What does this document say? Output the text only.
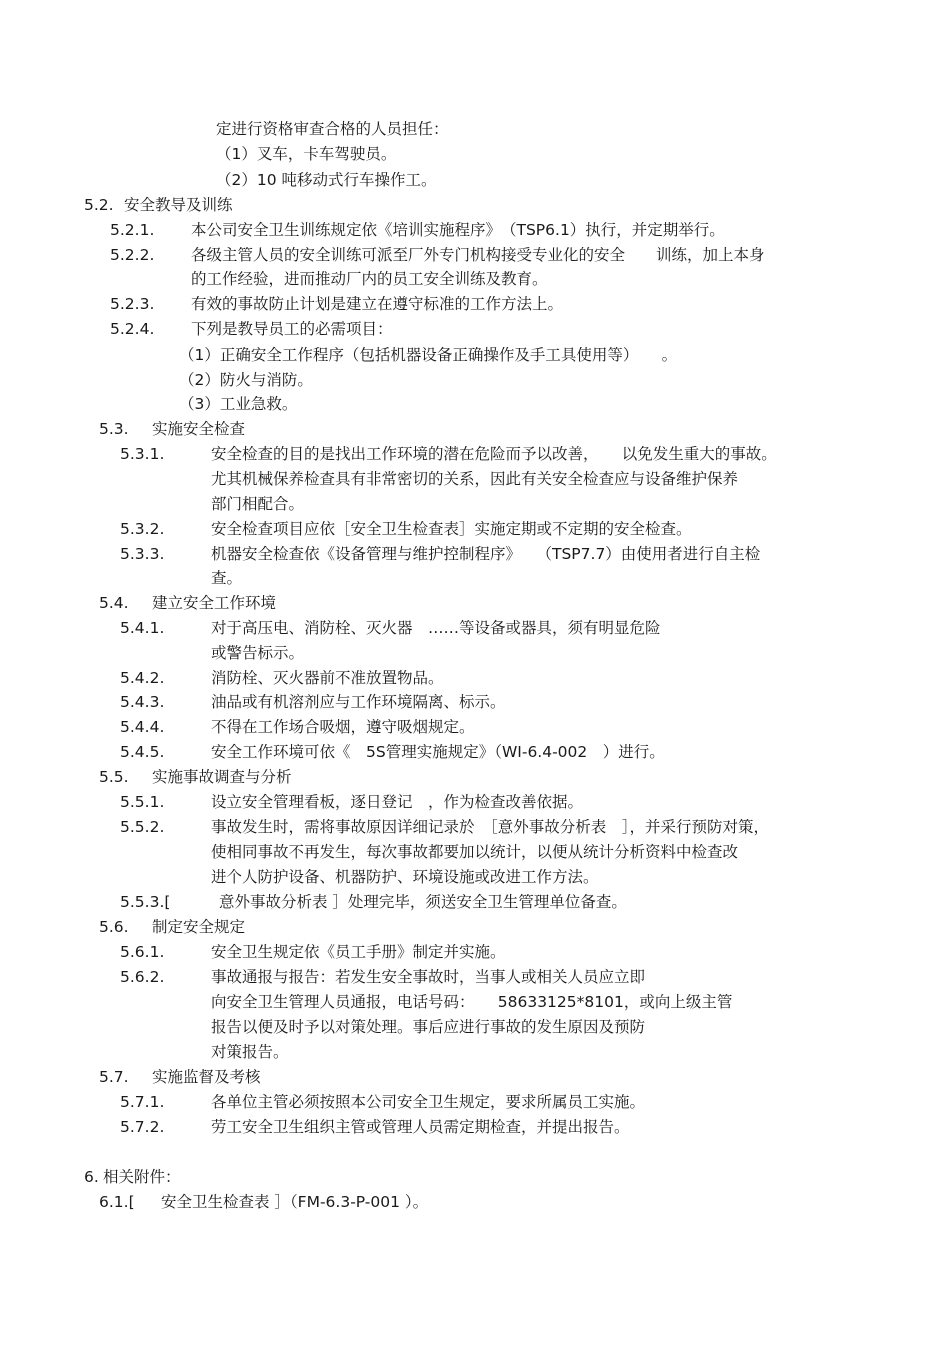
定进行资格审查合格的人员担任：
（1）叉车，卡车驾驶员。
（2）10 吨移动式行车操作工。
5.2. 安全教导及训练
5.2.1. 本公司安全卫生训练规定依《培训实施程序》　（TSP6.1）执行，并定期举行。
5.2.2. 各级主管人员的安全训练可派至厂外专门机构接受专业化的安全　　训练，加上本身
的工作经验，进而推动厂内的员工安全训练及教育。
5.2.3. 有效的事故防止计划是建立在遵守标准的工作方法上。
5.2.4. 下列是教导员工的必需项目：
（1）正确安全工作程序（包括机器设备正确操作及手工具使用等）　　。
（2）防火与消防。
（3）工业急救。
5.3. 实施安全检查
5.3.1.	安全检查的目的是找出工作环境的潜在危险而予以改善，　　以免发生重大的事故。
尤其机械保养检查具有非常密切的关系，因此有关安全检查应与设备维护保养
部门相配合。
5.3.2.	安全检查项目应依［安全卫生检查表］实施定期或不定期的安全检查。
5.3.3.	机器安全检查依《设备管理与维护控制程序》　　（TSP7.7）由使用者进行自主检
查。
5.4. 建立安全工作环境
5.4.1.	对于高压电、消防栓、灭火器　……等设备或器具，须有明显危险
或警告标示。
5.4.2.	消防栓、灭火器前不准放置物品。
5.4.3.	油品或有机溶剂应与工作环境隔离、标示。
5.4.4.	不得在工作场合吸烟，遵守吸烟规定。
5.4.5.	安全工作环境可依《　5S管理实施规定》（WI-6.4-002　）进行。
5.5. 实施事故调查与分析
5.5.1.	设立安全管理看板，逐日登记　，作为检查改善依据。
5.5.2.	事故发生时，需将事故原因详细记录於　［意外事故分析表　］，并采行预防对策，
使相同事故不再发生，每次事故都要加以统计，以便从统计分析资料中检查改
进个人防护设备、机器防护、环境设施或改进工作方法。
5.5.3.[	意外事故分析表 ］处理完毕，须送安全卫生管理单位备查。
5.6. 制定安全规定
5.6.1.	安全卫生规定依《员工手册》制定并实施。
5.6.2.	事故通报与报告：若发生安全事故时，当事人或相关人员应立即
向安全卫生管理人员通报，电话号码：　　58633125*8101，或向上级主管
报告以便及时予以对策处理。事后应进行事故的发生原因及预防
对策报告。
5.7. 实施监督及考核
5.7.1.	各单位主管必须按照本公司安全卫生规定，要求所属员工实施。
5.7.2.	劳工安全卫生组织主管或管理人员需定期检查，并提出报告。
6. 相关附件：
6.1.[ 安全卫生检查表 ］（FM-6.3-P-001 ）。
